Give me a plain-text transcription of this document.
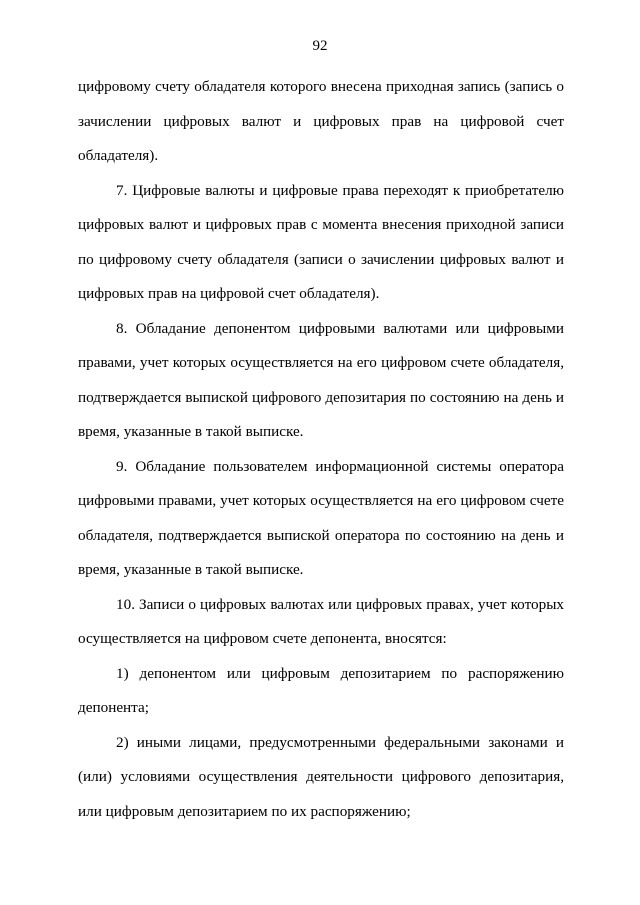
92

цифровому счету обладателя которого внесена приходная запись (запись о зачислении цифровых валют и цифровых прав на цифровой счет обладателя).

7. Цифровые валюты и цифровые права переходят к приобретателю цифровых валют и цифровых прав с момента внесения приходной записи по цифровому счету обладателя (записи о зачислении цифровых валют и цифровых прав на цифровой счет обладателя).

8. Обладание депонентом цифровыми валютами или цифровыми правами, учет которых осуществляется на его цифровом счете обладателя, подтверждается выпиской цифрового депозитария по состоянию на день и время, указанные в такой выписке.

9. Обладание пользователем информационной системы оператора цифровыми правами, учет которых осуществляется на его цифровом счете обладателя, подтверждается выпиской оператора по состоянию на день и время, указанные в такой выписке.

10. Записи о цифровых валютах или цифровых правах, учет которых осуществляется на цифровом счете депонента, вносятся:

1) депонентом или цифровым депозитарием по распоряжению депонента;

2) иными лицами, предусмотренными федеральными законами и (или) условиями осуществления деятельности цифрового депозитария, или цифровым депозитарием по их распоряжению;
